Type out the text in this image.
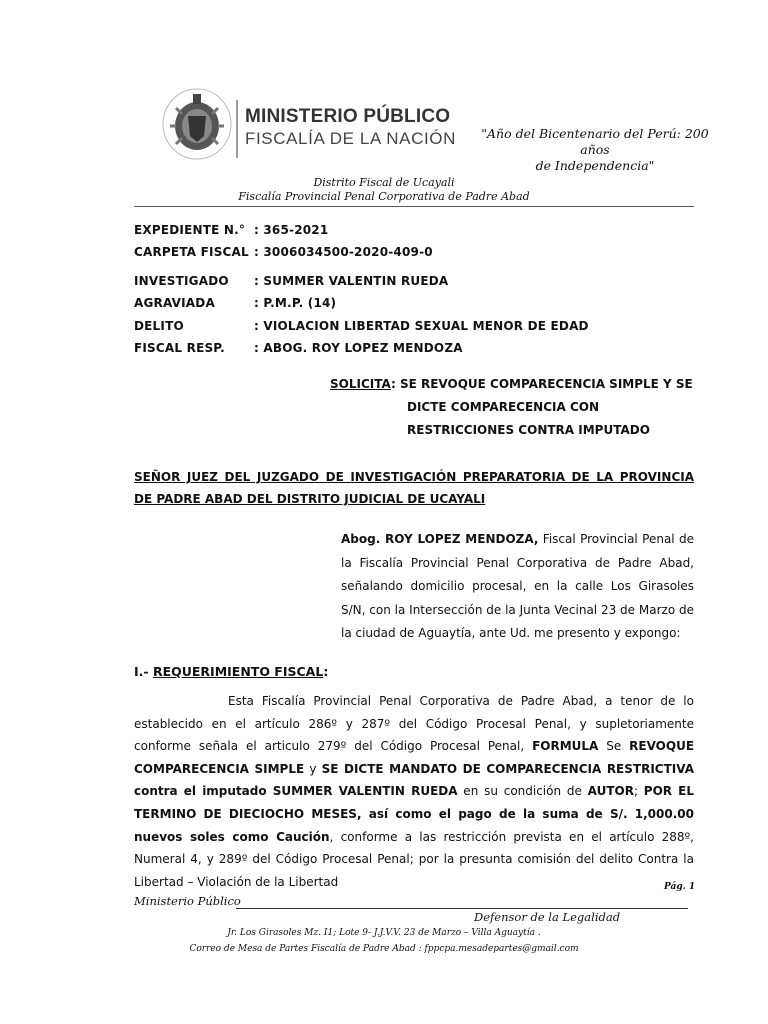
MINISTERIO PÚBLICO
FISCALÍA DE LA NACIÓN	"Año del Bicentenario del Perú: 200 años
de Independencia"
Distrito Fiscal de Ucayali
Fiscalía Provincial Penal Corporativa de Padre Abad
EXPEDIENTE N.° : 365-2021
CARPETA FISCAL : 3006034500-2020-409-0
INVESTIGADO : SUMMER VALENTIN RUEDA
AGRAVIADA	: P.M.P. (14)
DELITO	: VIOLACION LIBERTAD SEXUAL MENOR DE EDAD
FISCAL RESP. : ABOG. ROY LOPEZ MENDOZA
SOLICITA: SE REVOQUE COMPARECENCIA SIMPLE Y SE
DICTE COMPARECENCIA CON
RESTRICCIONES CONTRA IMPUTADO
SEÑOR JUEZ DEL JUZGADO DE INVESTIGACIÓN PREPARATORIA DE LA PROVINCIA DE PADRE ABAD DEL DISTRITO JUDICIAL DE UCAYALI
Abog. ROY LOPEZ MENDOZA, Fiscal Provincial Penal de la Fiscalía Provincial Penal Corporativa de Padre Abad, señalando domicilio procesal, en la calle Los Girasoles S/N, con la Intersección de la Junta Vecinal 23 de Marzo de la ciudad de Aguaytía, ante Ud. me presento y expongo:
I.- REQUERIMIENTO FISCAL:
Esta Fiscalía Provincial Penal Corporativa de Padre Abad, a tenor de lo establecido en el artículo 286º y 287º del Código Procesal Penal, y supletoriamente conforme señala el articulo 279º del Código Procesal Penal, FORMULA Se REVOQUE COMPARECENCIA SIMPLE y SE DICTE MANDATO DE COMPARECENCIA RESTRICTIVA contra el imputado SUMMER VALENTIN RUEDA en su condición de AUTOR; POR EL TERMINO DE DIECIOCHO MESES, así como el pago de la suma de S/. 1,000.00 nuevos soles como Caución, conforme a las restricción prevista en el artículo 288º, Numeral 4, y 289º del Código Procesal Penal; por la presunta comisión del delito Contra la Libertad – Violación de la Libertad	Pág. 1
Ministerio Público
Defensor de la Legalidad
Jr. Los Girasoles Mz. I1; Lote 9- J.J.V.V. 23 de Marzo – Villa Aguaytía .
Correo de Mesa de Partes Fiscalía de Padre Abad : fppcpa.mesadepartes@gmail.com
